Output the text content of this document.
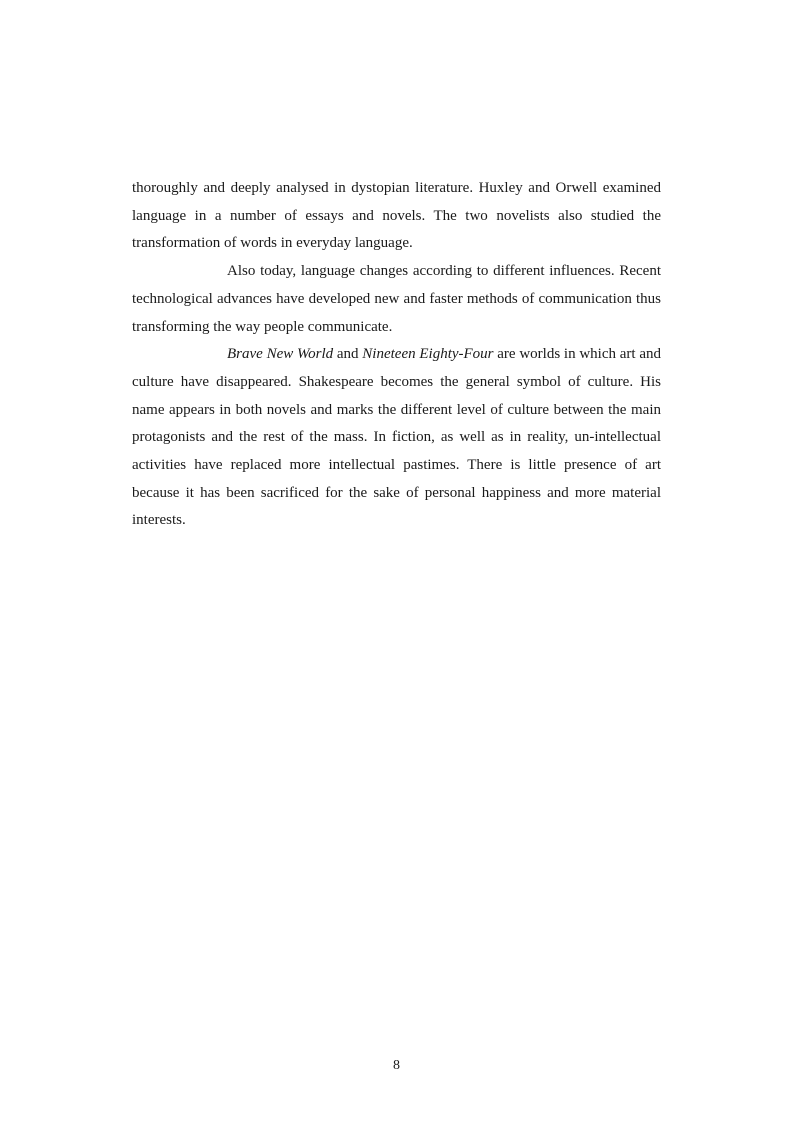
thoroughly and deeply analysed in dystopian literature. Huxley and Orwell examined language in a number of essays and novels. The two novelists also studied the transformation of words in everyday language.

Also today, language changes according to different influences. Recent technological advances have developed new and faster methods of communication thus transforming the way people communicate.

Brave New World and Nineteen Eighty-Four are worlds in which art and culture have disappeared. Shakespeare becomes the general symbol of culture. His name appears in both novels and marks the different level of culture between the main protagonists and the rest of the mass. In fiction, as well as in reality, un-intellectual activities have replaced more intellectual pastimes. There is little presence of art because it has been sacrificed for the sake of personal happiness and more material interests.

8
